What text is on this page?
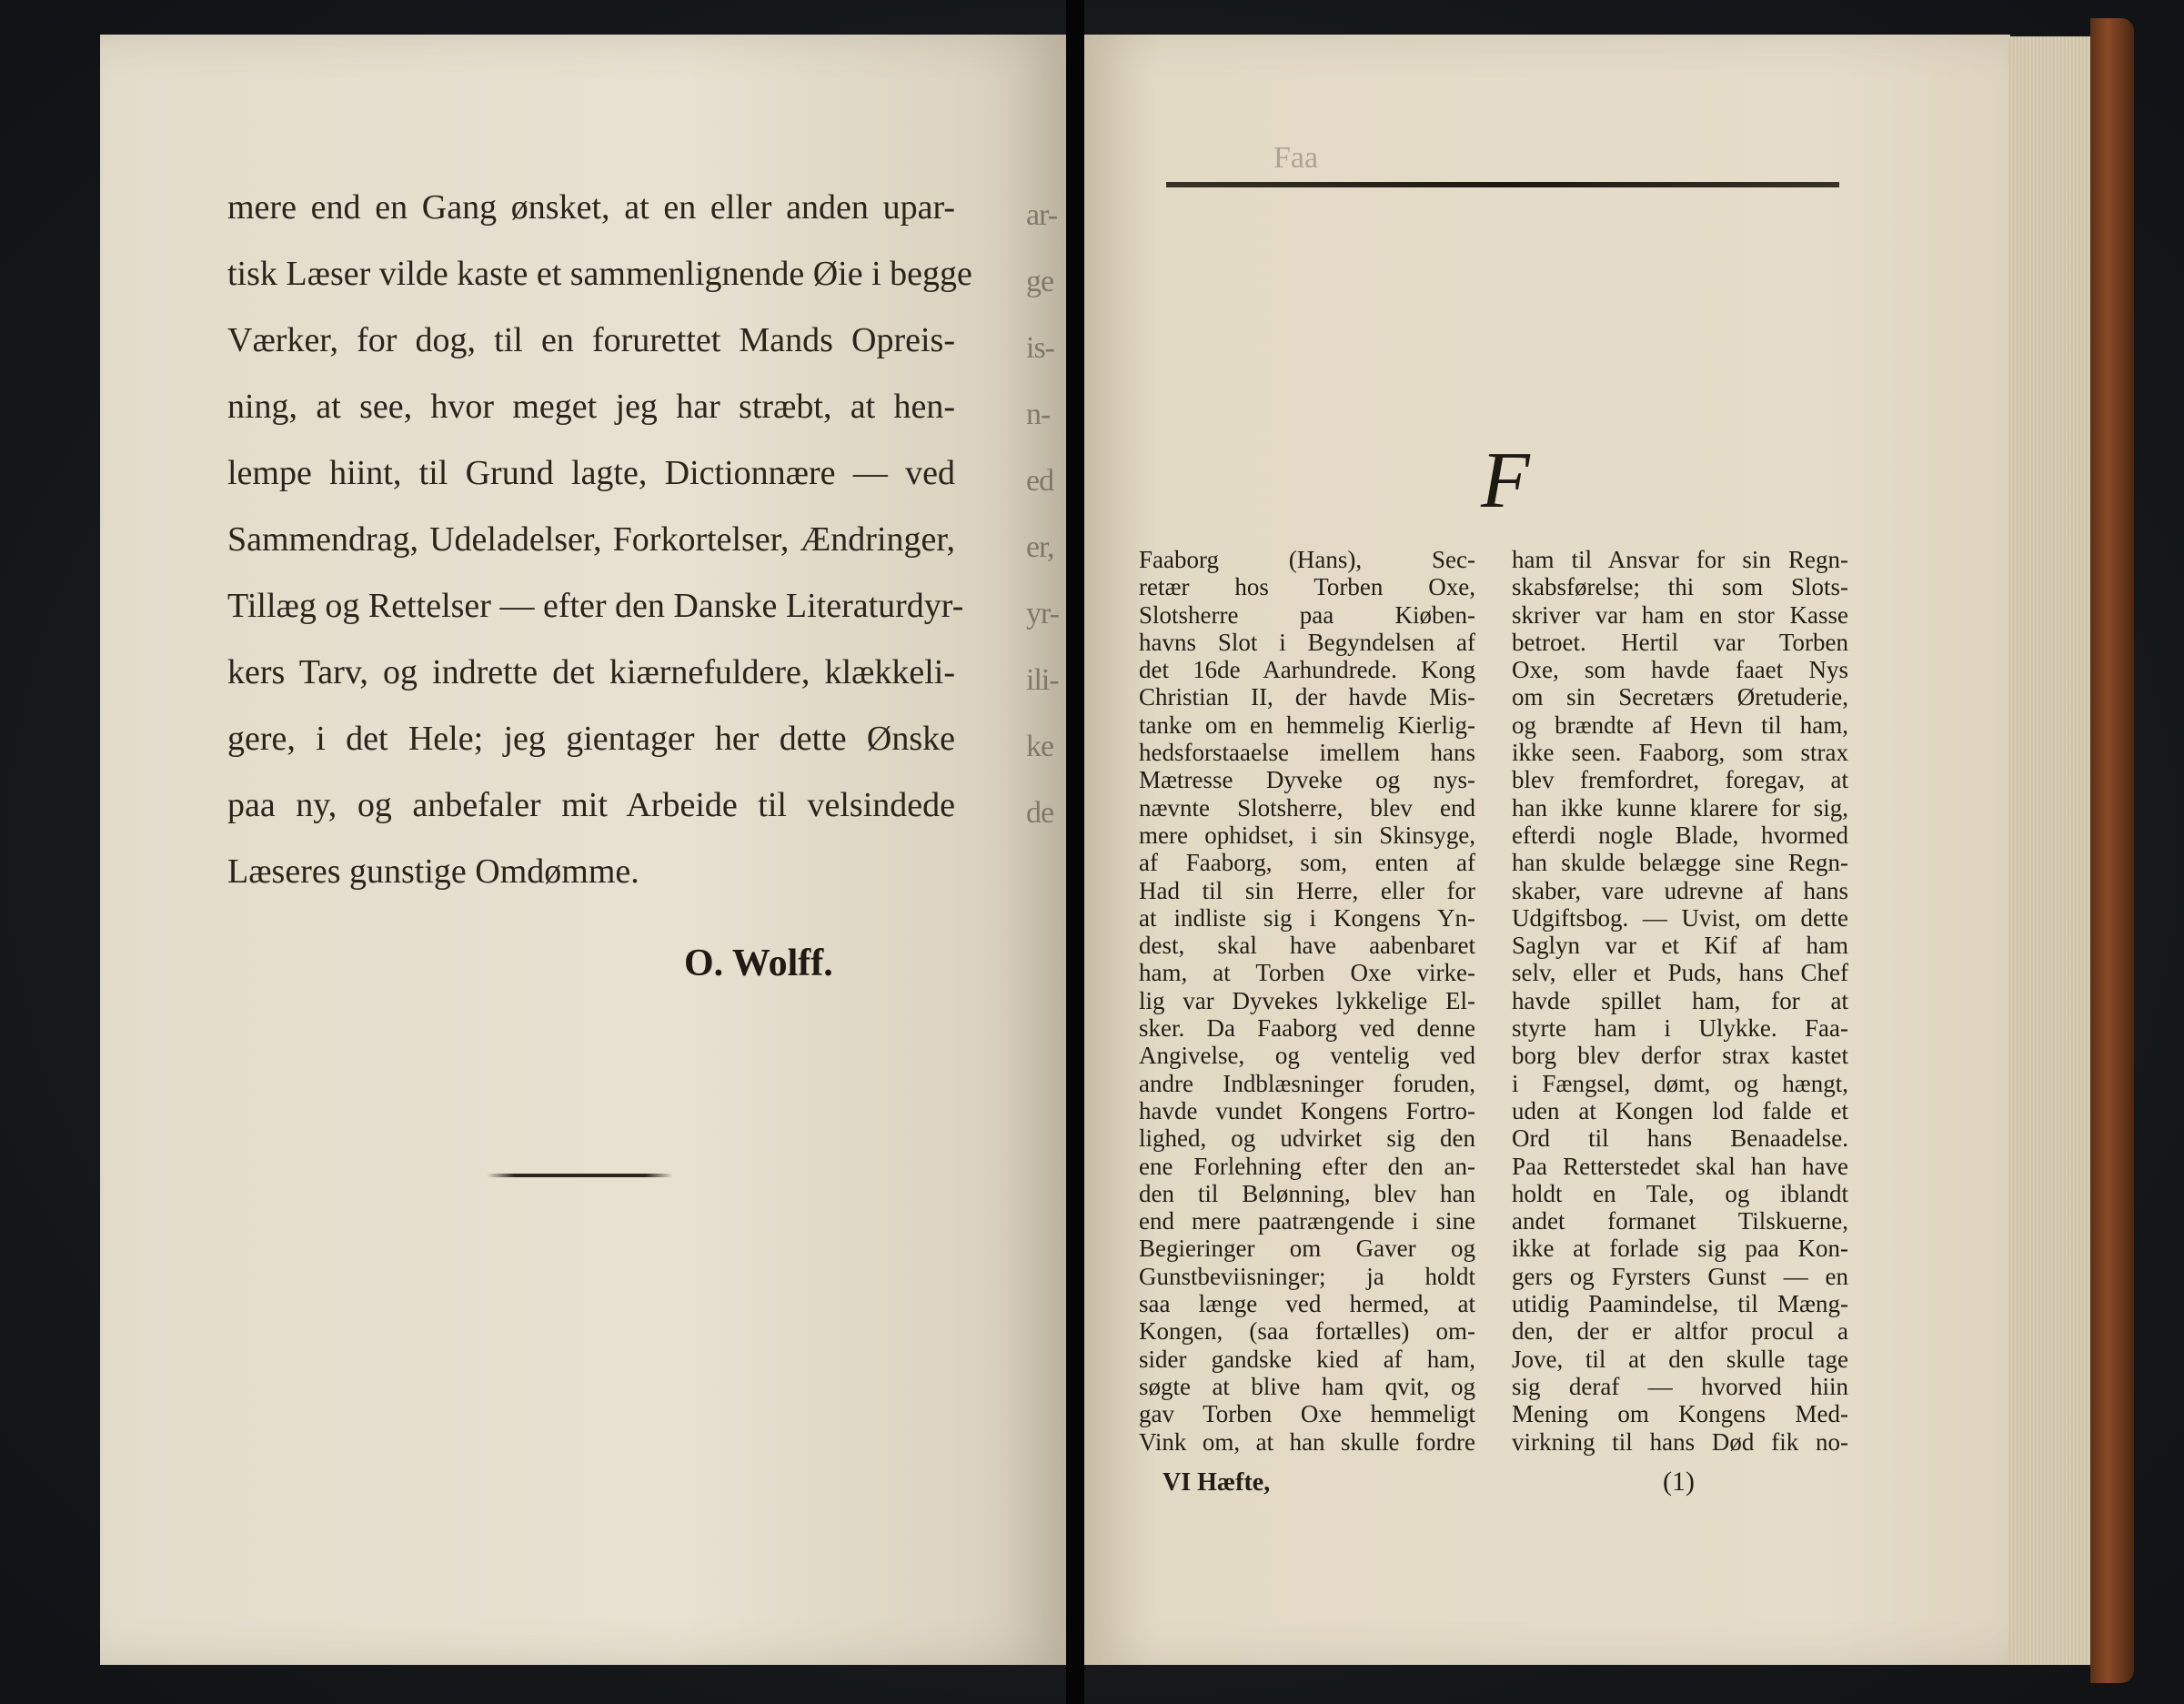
ar-
ge
is-
n-
ed
er,
yr-
ili-
ke
de
mere end en Gang ønsket, at en eller anden upar-
tisk Læser vilde kaste et sammenlignende Øie i begge
Værker, for dog, til en forurettet Mands Opreis-
ning, at see, hvor meget jeg har stræbt, at hen-
lempe hiint, til Grund lagte, Dictionnære — ved
Sammendrag, Udeladelser, Forkortelser, Ændringer,
Tillæg og Rettelser — efter den Danske Literaturdyr-
kers Tarv, og indrette det kiærnefuldere, klækkeli-
gere, i det Hele; jeg gientager her dette Ønske
paa ny, og anbefaler mit Arbeide til velsindede
Læseres gunstige Omdømme.
O. Wolff.
Faa
F
Faaborg (Hans), Sec-
retær hos Torben Oxe,
Slotsherre paa Kiøben-
havns Slot i Begyndelsen af
det 16de Aarhundrede. Kong
Christian II, der havde Mis-
tanke om en hemmelig Kierlig-
hedsforstaaelse imellem hans
Mætresse Dyveke og nys-
nævnte Slotsherre, blev end
mere ophidset, i sin Skinsyge,
af Faaborg, som, enten af
Had til sin Herre, eller for
at indliste sig i Kongens Yn-
dest, skal have aabenbaret
ham, at Torben Oxe virke-
lig var Dyvekes lykkelige El-
sker. Da Faaborg ved denne
Angivelse, og ventelig ved
andre Indblæsninger foruden,
havde vundet Kongens Fortro-
lighed, og udvirket sig den
ene Forlehning efter den an-
den til Belønning, blev han
end mere paatrængende i sine
Begieringer om Gaver og
Gunstbeviisninger; ja holdt
saa længe ved hermed, at
Kongen, (saa fortælles) om-
sider gandske kied af ham,
søgte at blive ham qvit, og
gav Torben Oxe hemmeligt
Vink om, at han skulle fordre
ham til Ansvar for sin Regn-
skabsførelse; thi som Slots-
skriver var ham en stor Kasse
betroet. Hertil var Torben
Oxe, som havde faaet Nys
om sin Secretærs Øretuderie,
og brændte af Hevn til ham,
ikke seen. Faaborg, som strax
blev fremfordret, foregav, at
han ikke kunne klarere for sig,
efterdi nogle Blade, hvormed
han skulde belægge sine Regn-
skaber, vare udrevne af hans
Udgiftsbog. — Uvist, om dette
Saglyn var et Kif af ham
selv, eller et Puds, hans Chef
havde spillet ham, for at
styrte ham i Ulykke. Faa-
borg blev derfor strax kastet
i Fængsel, dømt, og hængt,
uden at Kongen lod falde et
Ord til hans Benaadelse.
Paa Retterstedet skal han have
holdt en Tale, og iblandt
andet formanet Tilskuerne,
ikke at forlade sig paa Kon-
gers og Fyrsters Gunst — en
utidig Paamindelse, til Mæng-
den, der er altfor procul a
Jove, til at den skulle tage
sig deraf — hvorved hiin
Mening om Kongens Med-
virkning til hans Død fik no-
VI Hæfte,	(1)
